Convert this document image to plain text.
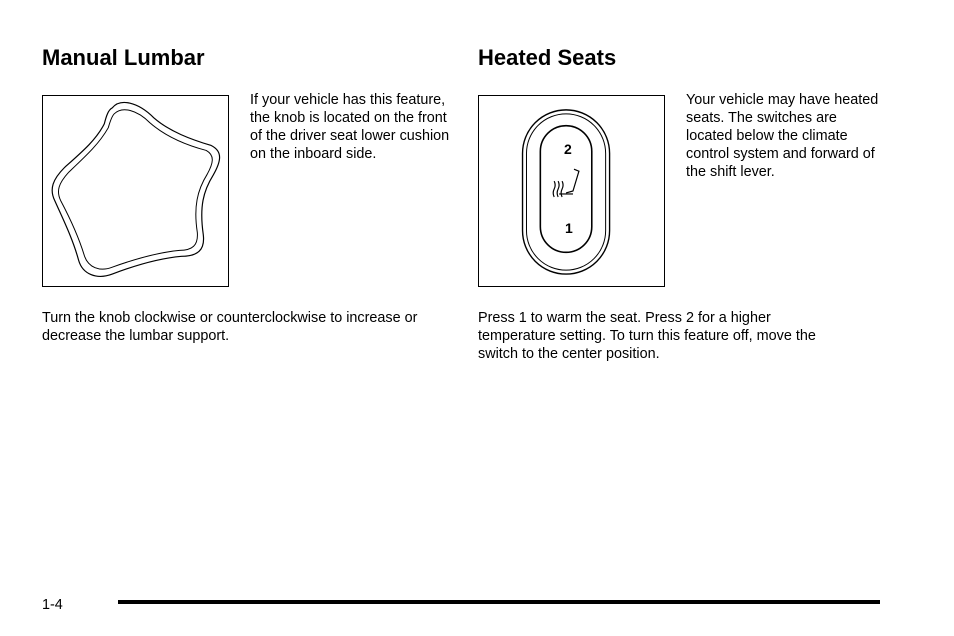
Manual Lumbar

If your vehicle has this feature, the knob is located on the front of the driver seat lower cushion on the inboard side.

Turn the knob clockwise or counterclockwise to increase or decrease the lumbar support.

Heated Seats
2
1

Your vehicle may have heated seats. The switches are located below the climate control system and forward of the shift lever.

Press 1 to warm the seat. Press 2 for a higher temperature setting. To turn this feature off, move the switch to the center position.

1-4
